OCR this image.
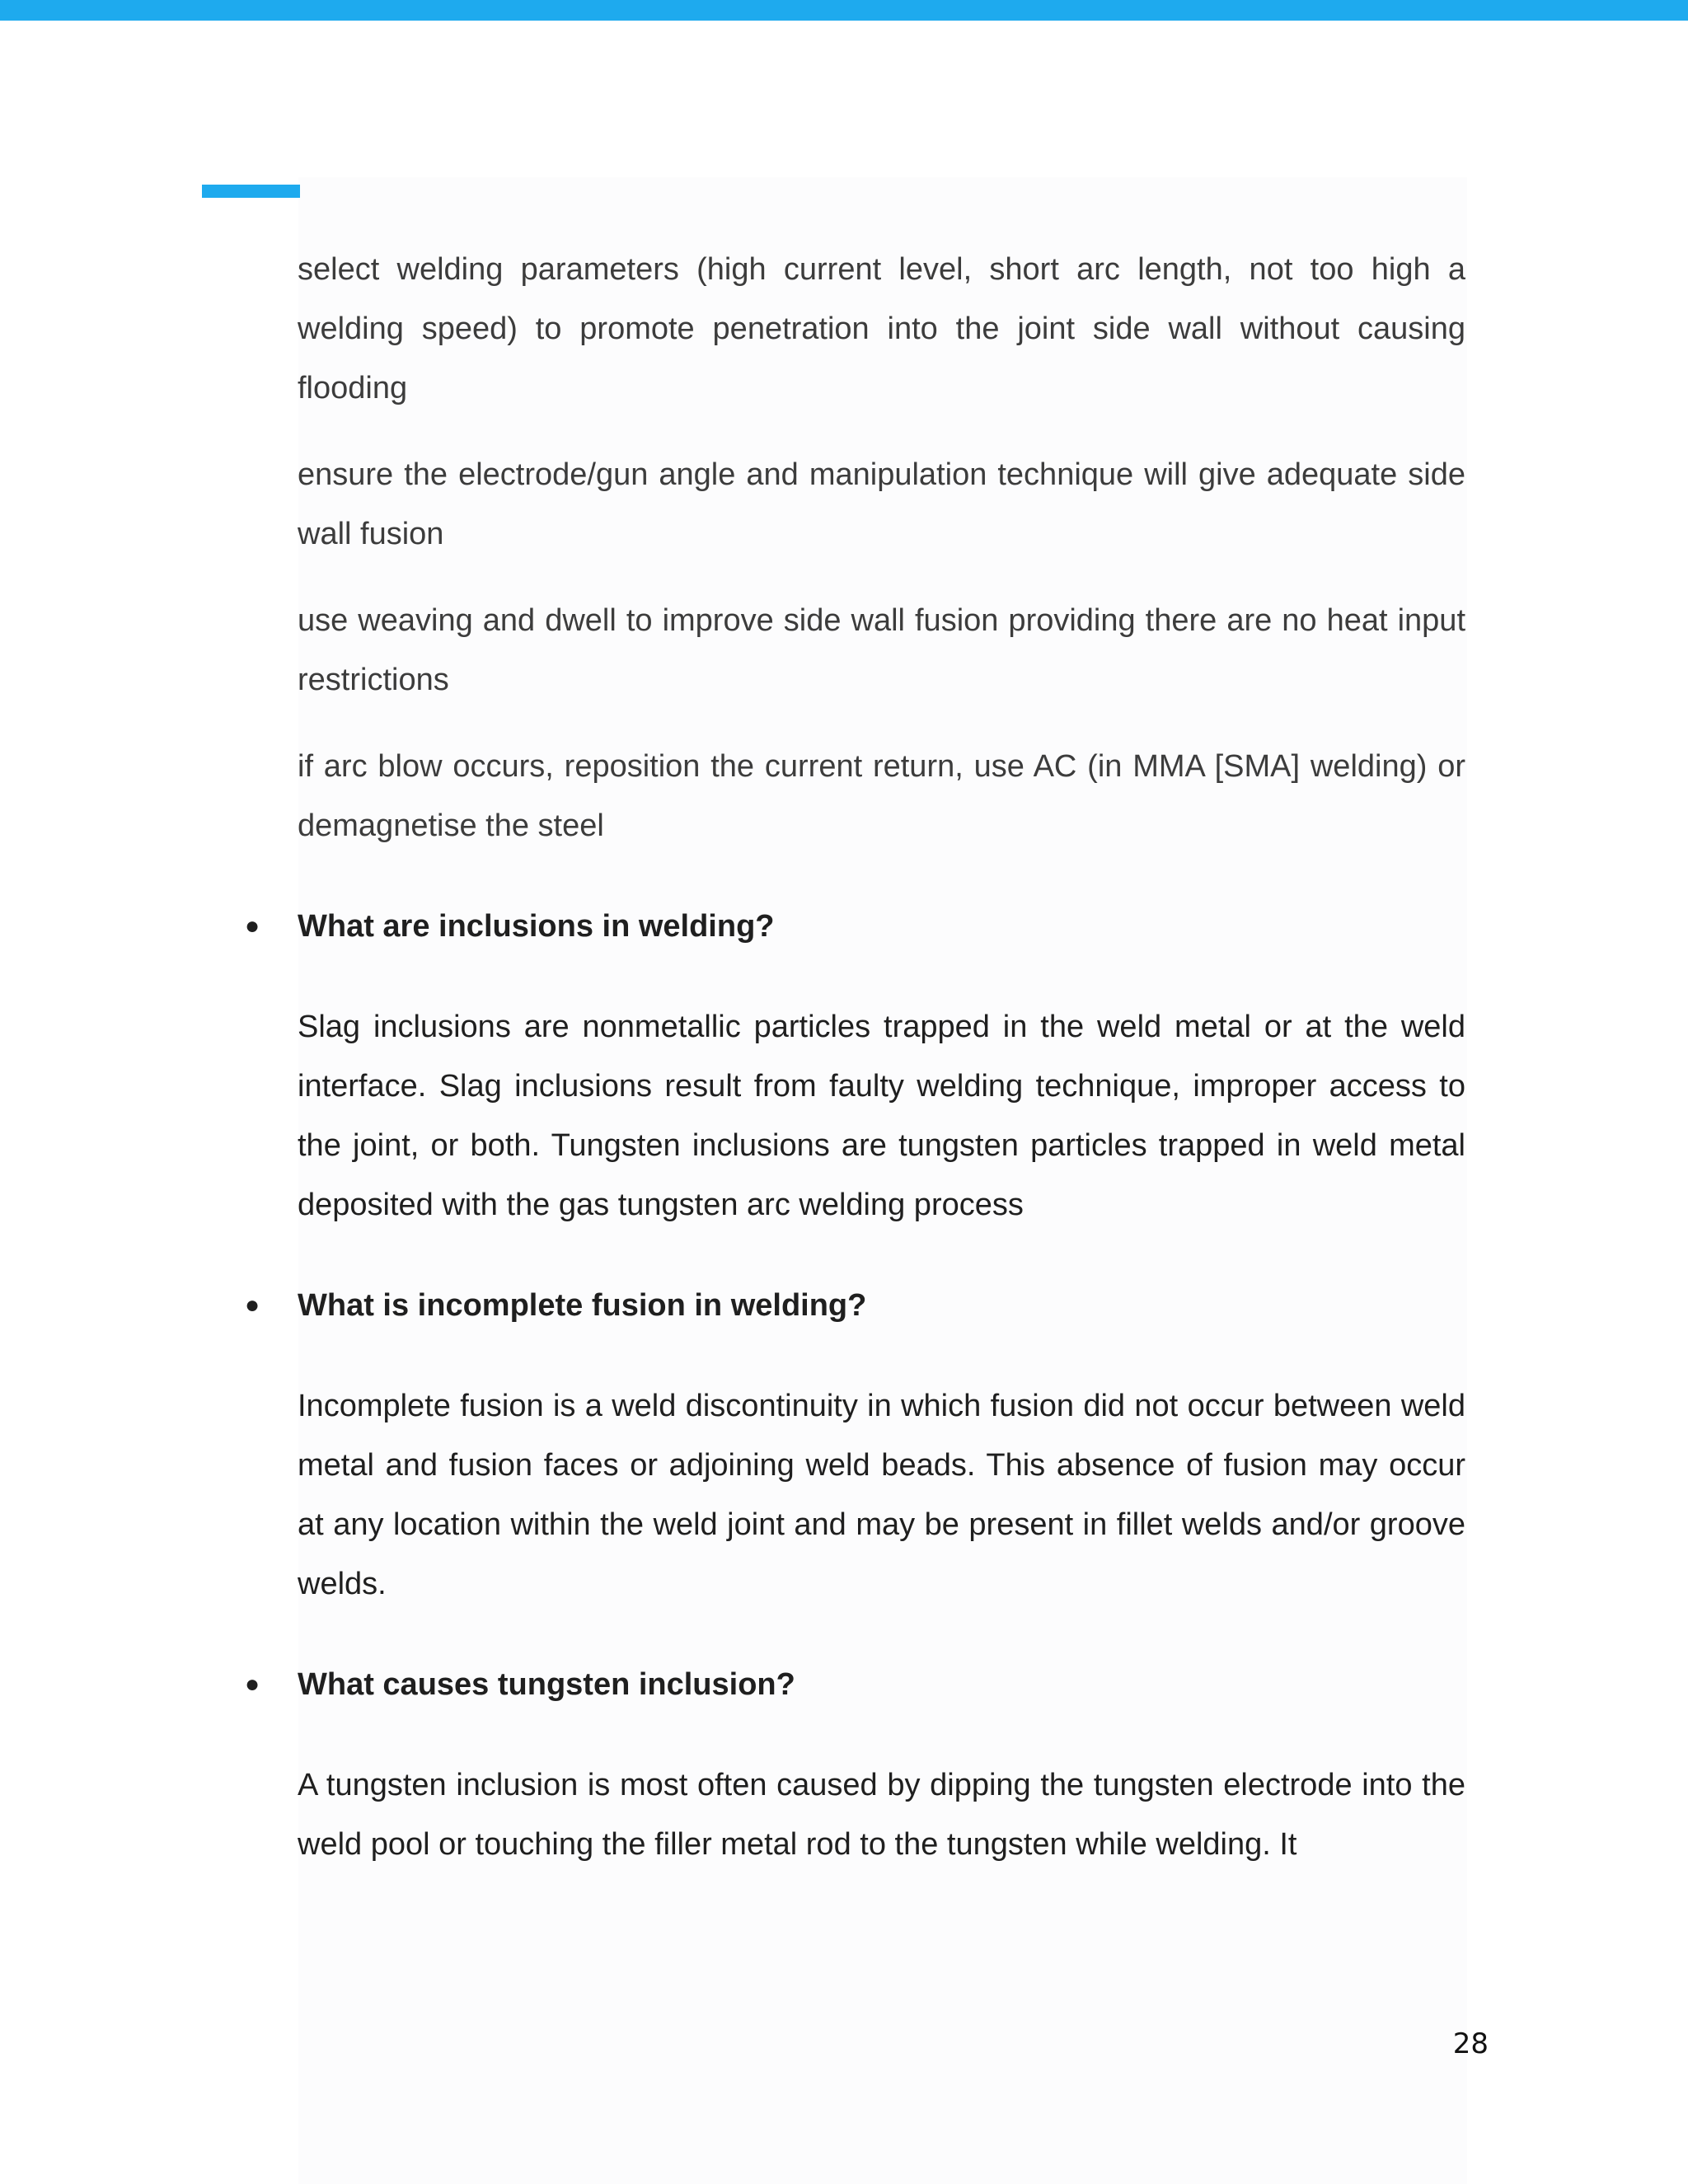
select welding parameters (high current level, short arc length, not too high a welding speed) to promote penetration into the joint side wall without causing flooding

ensure the electrode/gun angle and manipulation technique will give adequate side wall fusion

use weaving and dwell to improve side wall fusion providing there are no heat input restrictions

if arc blow occurs, reposition the current return, use AC (in MMA [SMA] welding) or demagnetise the steel

● What are inclusions in welding?

Slag inclusions are nonmetallic particles trapped in the weld metal or at the weld interface. Slag inclusions result from faulty welding technique, improper access to the joint, or both. Tungsten inclusions are tungsten particles trapped in weld metal deposited with the gas tungsten arc welding process

● What is incomplete fusion in welding?

Incomplete fusion is a weld discontinuity in which fusion did not occur between weld metal and fusion faces or adjoining weld beads. This absence of fusion may occur at any location within the weld joint and may be present in fillet welds and/or groove welds.

● What causes tungsten inclusion?

A tungsten inclusion is most often caused by dipping the tungsten electrode into the weld pool or touching the filler metal rod to the tungsten while welding. It

28
